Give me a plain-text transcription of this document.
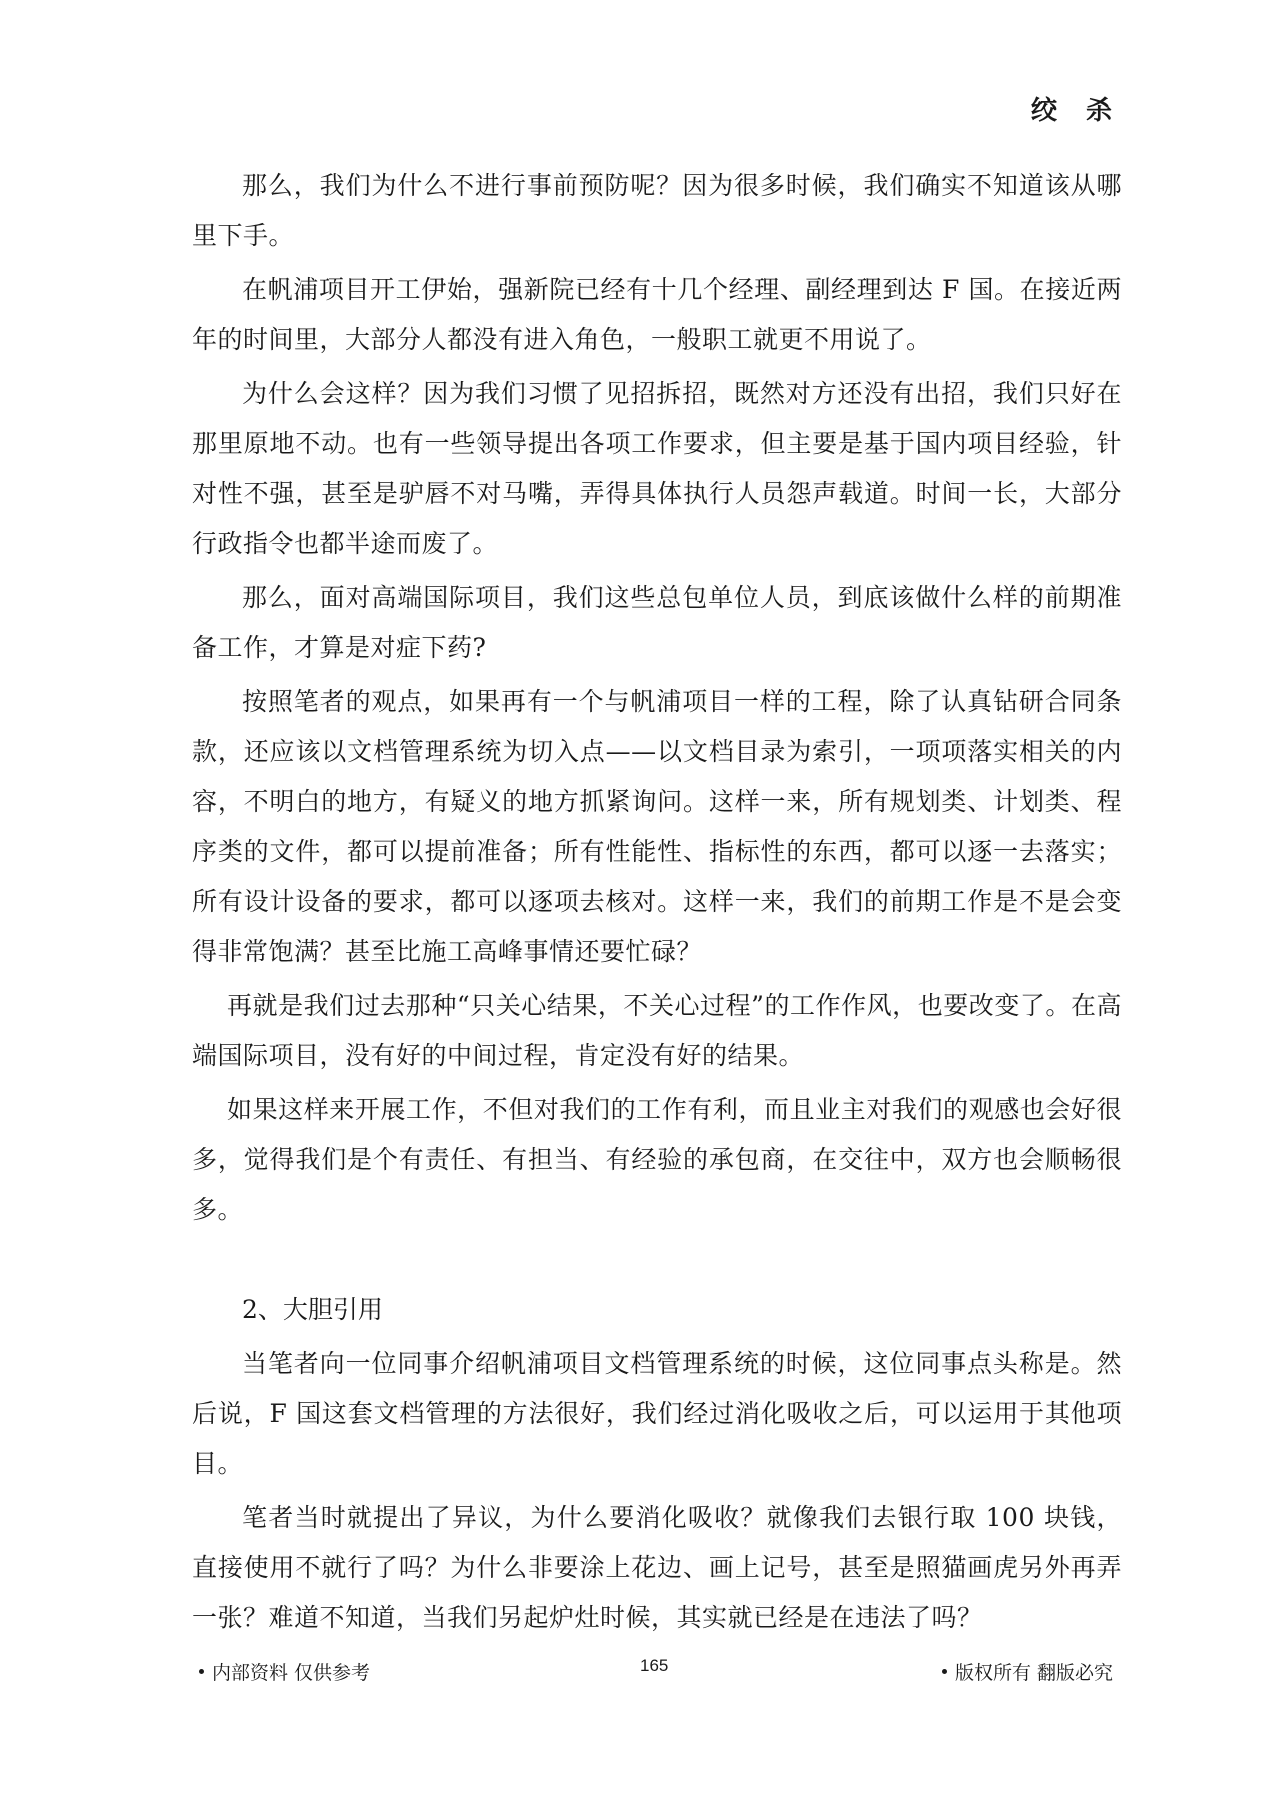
绞 杀

那么，我们为什么不进行事前预防呢？因为很多时候，我们确实不知道该从哪里下手。

在帆浦项目开工伊始，强新院已经有十几个经理、副经理到达 F 国。在接近两年的时间里，大部分人都没有进入角色，一般职工就更不用说了。

为什么会这样？因为我们习惯了见招拆招，既然对方还没有出招，我们只好在那里原地不动。也有一些领导提出各项工作要求，但主要是基于国内项目经验，针对性不强，甚至是驴唇不对马嘴，弄得具体执行人员怨声载道。时间一长，大部分行政指令也都半途而废了。

那么，面对高端国际项目，我们这些总包单位人员，到底该做什么样的前期准备工作，才算是对症下药?

按照笔者的观点，如果再有一个与帆浦项目一样的工程，除了认真钻研合同条款，还应该以文档管理系统为切入点——以文档目录为索引，一项项落实相关的内容，不明白的地方，有疑义的地方抓紧询问。这样一来，所有规划类、计划类、程序类的文件，都可以提前准备；所有性能性、指标性的东西，都可以逐一去落实；所有设计设备的要求，都可以逐项去核对。这样一来，我们的前期工作是不是会变得非常饱满？甚至比施工高峰事情还要忙碌？

再就是我们过去那种“只关心结果，不关心过程”的工作作风，也要改变了。在高端国际项目，没有好的中间过程，肯定没有好的结果。

如果这样来开展工作，不但对我们的工作有利，而且业主对我们的观感也会好很多，觉得我们是个有责任、有担当、有经验的承包商，在交往中，双方也会顺畅很多。

2、大胆引用

当笔者向一位同事介绍帆浦项目文档管理系统的时候，这位同事点头称是。然后说，F 国这套文档管理的方法很好，我们经过消化吸收之后，可以运用于其他项目。

笔者当时就提出了异议，为什么要消化吸收？就像我们去银行取 100 块钱，直接使用不就行了吗？为什么非要涂上花边、画上记号，甚至是照猫画虎另外再弄一张？难道不知道，当我们另起炉灶时候，其实就已经是在违法了吗？

内部资料 仅供参考	165	版权所有 翻版必究
